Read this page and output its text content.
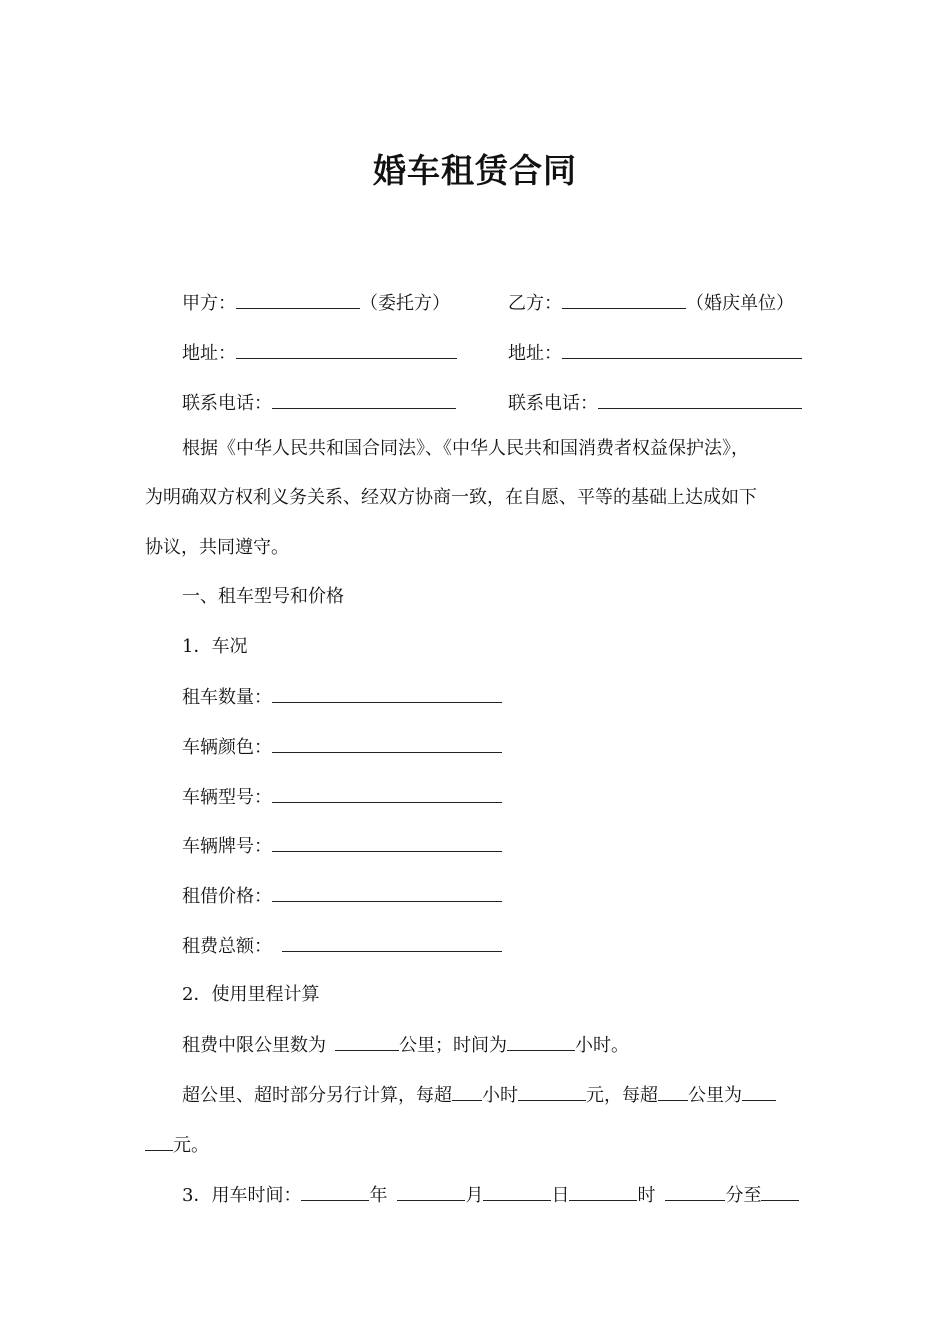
婚车租赁合同
甲方：	（委托方）	乙方：	（婚庆单位）
地址：	地址：
联系电话：	联系电话：
根据《中华人民共和国合同法》、《中华人民共和国消费者权益保护法》，
为明确双方权利义务关系、经双方协商一致，在自愿、平等的基础上达成如下
协议，共同遵守。
一、租车型号和价格
1．车况
租车数量：
车辆颜色：
车辆型号：
车辆牌号：
租借价格：
租费总额：
2．使用里程计算
租费中限公里数为	公里；时间为	小时。
超公里、超时部分另行计算，每超 小时	元，每超 公里为
元。
3．用车时间：	年	月	日	时	分至
